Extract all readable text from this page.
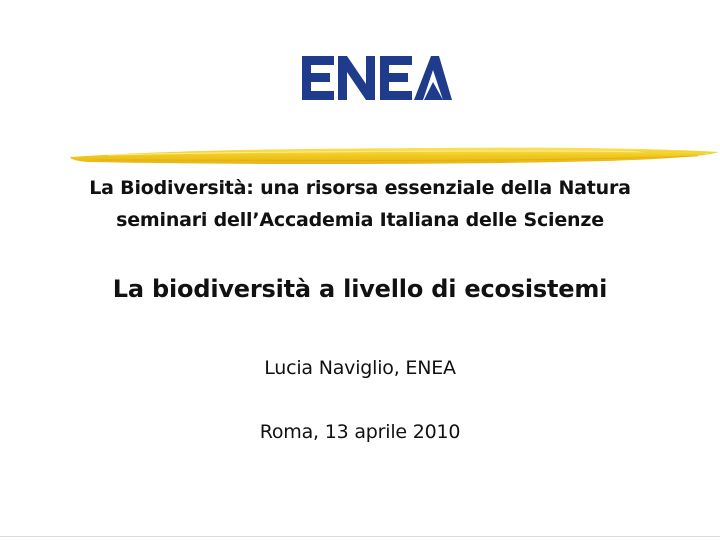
La Biodiversità: una risorsa essenziale della Natura
seminari dell’Accademia Italiana delle Scienze
La biodiversità a livello di ecosistemi
Lucia Naviglio, ENEA
Roma, 13 aprile 2010
